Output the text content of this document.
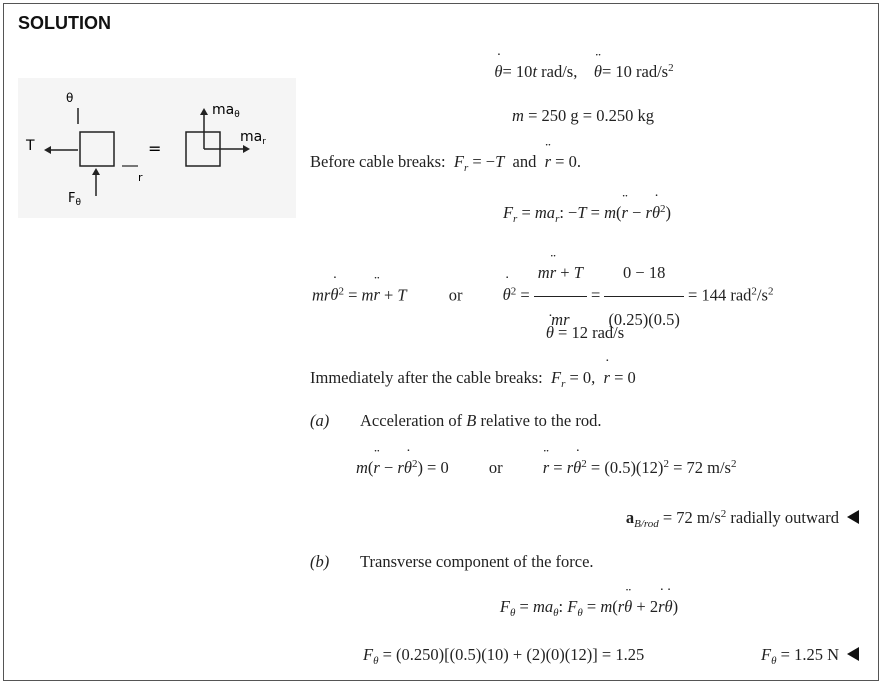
SOLUTION
θ
T
$F_\theta$
r
=
$ma_\theta$
$ma_r$
˙ θ= 10t rad/s, ¨ θ= 10 rad/$s^2$
m = 250 g = 0.250 kg
Before cable breaks: $F_r = -T$ and ¨ r = 0.
$F_r = ma_r$: −T = m(¨ r − r˙ $\theta^2$)
mr˙ $\theta^2$ = m¨ r + T	or ˙ $\theta^2 = \frac{m¨ r + T}{mr} = \frac{0 - 18}{(0.25)(0.5)} = 144$ $rad^2/s^2$
˙ θ = 12 rad/s
Immediately after the cable breaks: $F_r = 0$, ˙ r = 0
(a) Acceleration of B relative to the rod.
m(¨ r − r˙ $\theta^2) = 0$ or ¨ r = r˙ $\theta^2 = (0.5)(12)^2 = 72$ $m/s^2$
$a_{B/rod} = 72$ $m/s^2$ radially outward
(b) Transverse component of the force.
$F_\theta = ma_\theta$: $F_\theta$ = m(r¨ θ + 2˙ r˙ θ)
$F_\theta = (0.250)[(0.5)(10) + (2)(0)(12)] = 1.25$	$F_\theta = 1.25$ N
